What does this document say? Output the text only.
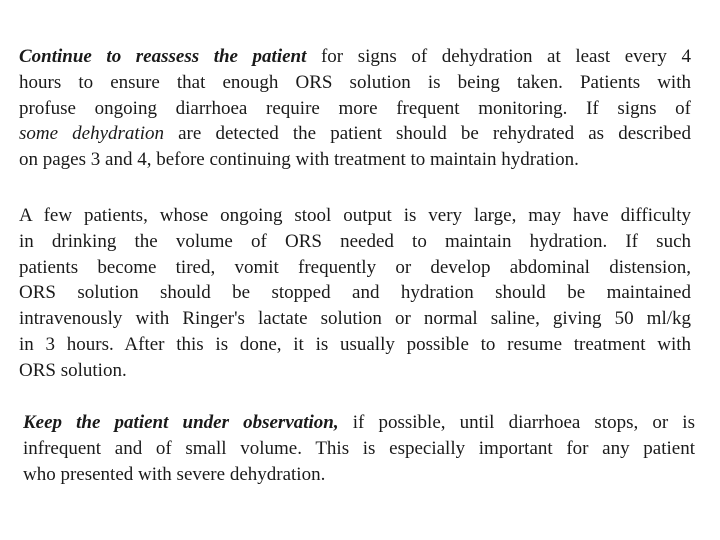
Continue to reassess the patient for signs of dehydration at least every 4
hours to ensure that enough ORS solution is being taken. Patients with
profuse ongoing diarrhoea require more frequent monitoring. If signs of
some dehydration are detected the patient should be rehydrated as described
on pages 3 and 4, before continuing with treatment to maintain hydration.
A few patients, whose ongoing stool output is very large, may have difficulty
in drinking the volume of ORS needed to maintain hydration. If such
patients become tired, vomit frequently or develop abdominal distension,
ORS solution should be stopped and hydration should be maintained
intravenously with Ringer's lactate solution or normal saline, giving 50 ml/kg
in 3 hours. After this is done, it is usually possible to resume treatment with
ORS solution.
Keep the patient under observation, if possible, until diarrhoea stops, or is
infrequent and of small volume. This is especially important for any patient
who presented with severe dehydration.
